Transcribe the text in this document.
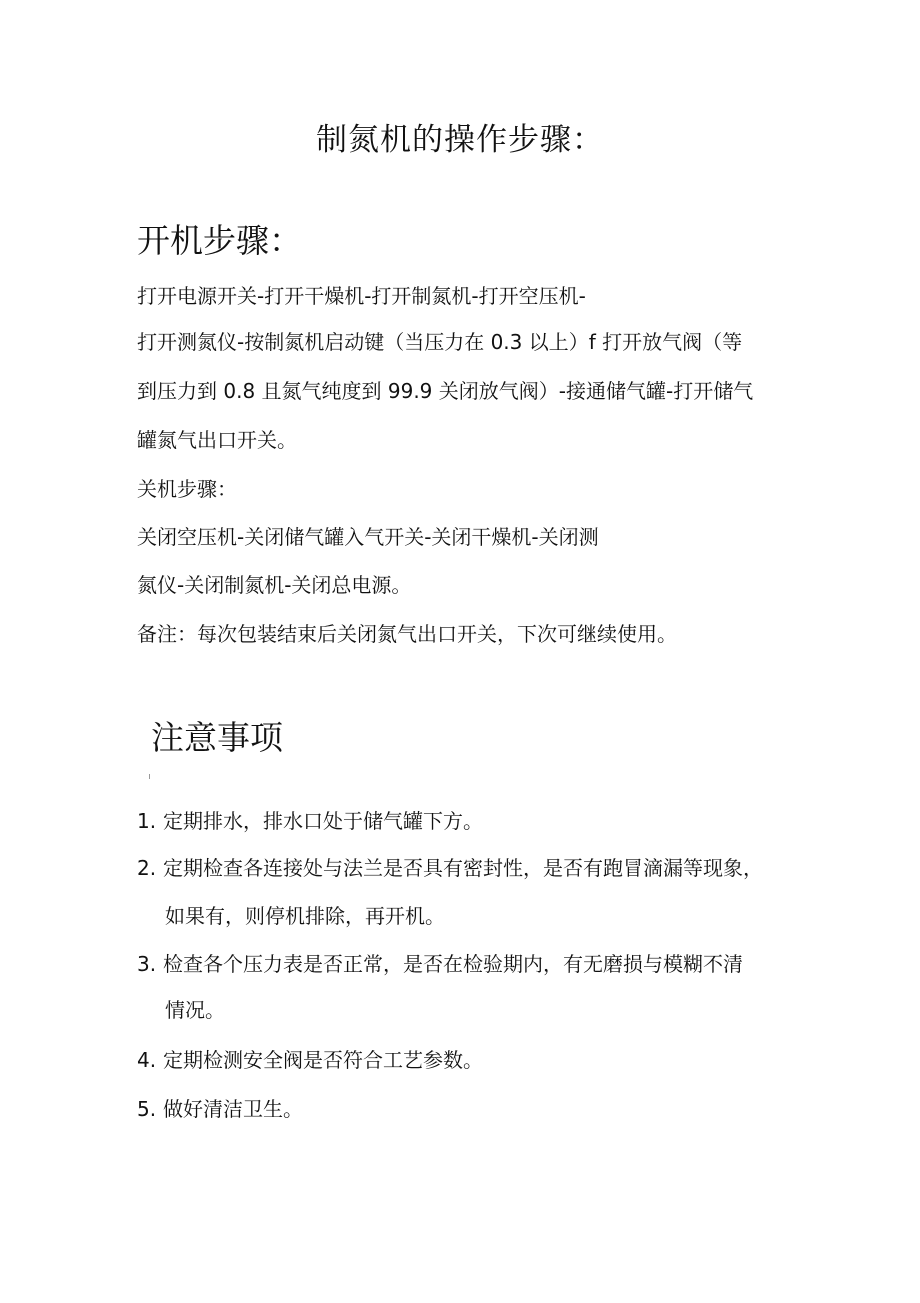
制氮机的操作步骤：
开机步骤：
打开电源开关-打开干燥机-打开制氮机-打开空压机-
打开测氮仪-按制氮机启动键（当压力在 0.3 以上）f 打开放气阀（等
到压力到 0.8 且氮气纯度到 99.9 关闭放气阀）-接通储气罐-打开储气
罐氮气出口开关。
关机步骤：
关闭空压机-关闭储气罐入气开关-关闭干燥机-关闭测
氮仪-关闭制氮机-关闭总电源。
备注：每次包装结束后关闭氮气出口开关，下次可继续使用。
注意事项
1. 定期排水，排水口处于储气罐下方。
2. 定期检查各连接处与法兰是否具有密封性，是否有跑冒滴漏等现象，
如果有，则停机排除，再开机。
3. 检查各个压力表是否正常，是否在检验期内，有无磨损与模糊不清
情况。
4. 定期检测安全阀是否符合工艺参数。
5. 做好清洁卫生。
